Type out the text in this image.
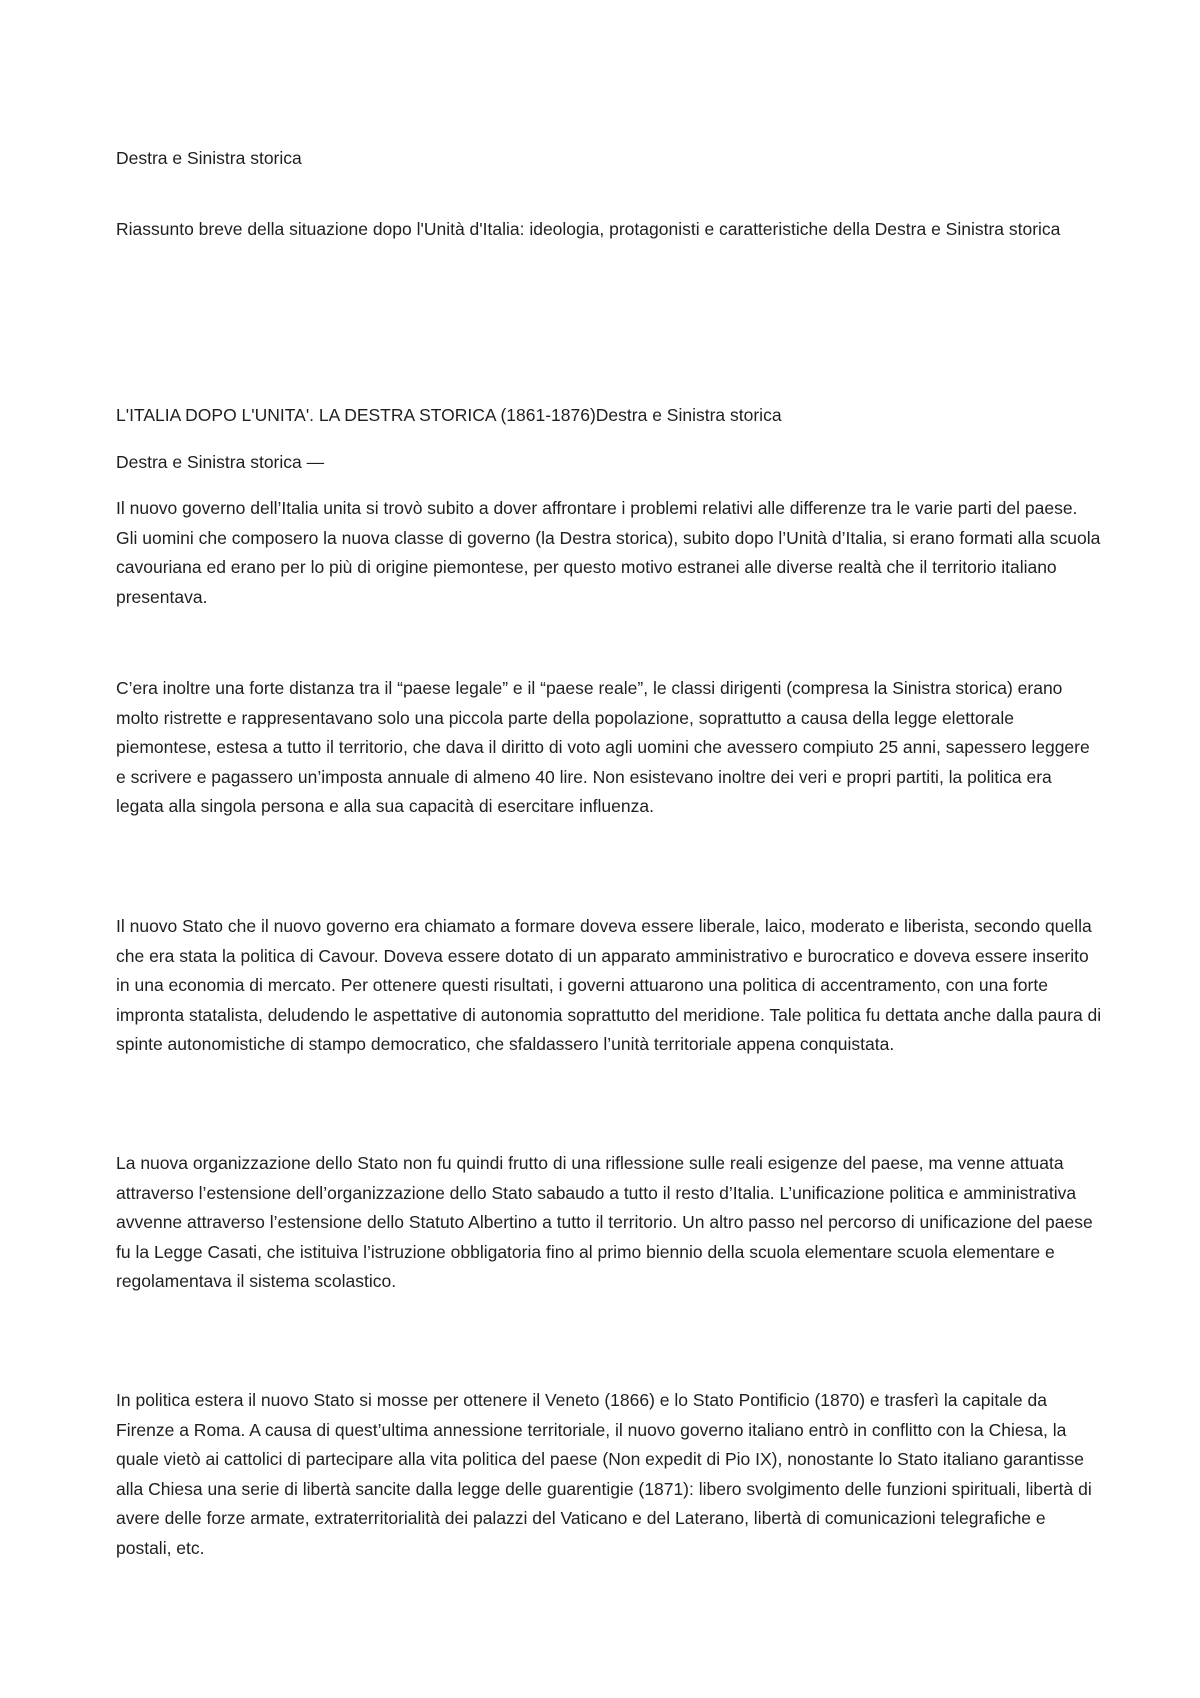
Destra e Sinistra storica

Riassunto breve della situazione dopo l'Unità d'Italia: ideologia, protagonisti e caratteristiche della Destra e Sinistra storica

L'ITALIA DOPO L'UNITA'. LA DESTRA STORICA (1861-1876)Destra e Sinistra storica

Destra e Sinistra storica —

Il nuovo governo dell’Italia unita si trovò subito a dover affrontare i problemi relativi alle differenze tra le varie parti del paese. Gli uomini che composero la nuova classe di governo (la Destra storica), subito dopo l’Unità d’Italia, si erano formati alla scuola cavouriana ed erano per lo più di origine piemontese, per questo motivo estranei alle diverse realtà che il territorio italiano presentava.

C’era inoltre una forte distanza tra il “paese legale” e il “paese reale”, le classi dirigenti (compresa la Sinistra storica) erano molto ristrette e rappresentavano solo una piccola parte della popolazione, soprattutto a causa della legge elettorale piemontese, estesa a tutto il territorio, che dava il diritto di voto agli uomini che avessero compiuto 25 anni, sapessero leggere e scrivere e pagassero un’imposta annuale di almeno 40 lire. Non esistevano inoltre dei veri e propri partiti, la politica era legata alla singola persona e alla sua capacità di esercitare influenza.

Il nuovo Stato che il nuovo governo era chiamato a formare doveva essere liberale, laico, moderato e liberista, secondo quella che era stata la politica di Cavour. Doveva essere dotato di un apparato amministrativo e burocratico e doveva essere inserito in una economia di mercato. Per ottenere questi risultati, i governi attuarono una politica di accentramento, con una forte impronta statalista, deludendo le aspettative di autonomia soprattutto del meridione. Tale politica fu dettata anche dalla paura di spinte autonomistiche di stampo democratico, che sfaldassero l’unità territoriale appena conquistata.

La nuova organizzazione dello Stato non fu quindi frutto di una riflessione sulle reali esigenze del paese, ma venne attuata attraverso l’estensione dell’organizzazione dello Stato sabaudo a tutto il resto d’Italia. L’unificazione politica e amministrativa avvenne attraverso l’estensione dello Statuto Albertino a tutto il territorio. Un altro passo nel percorso di unificazione del paese fu la Legge Casati, che istituiva l’istruzione obbligatoria fino al primo biennio della scuola elementare scuola elementare e regolamentava il sistema scolastico.

In politica estera il nuovo Stato si mosse per ottenere il Veneto (1866) e lo Stato Pontificio (1870) e trasferì la capitale da Firenze a Roma. A causa di quest’ultima annessione territoriale, il nuovo governo italiano entrò in conflitto con la Chiesa, la quale vietò ai cattolici di partecipare alla vita politica del paese (Non expedit di Pio IX), nonostante lo Stato italiano garantisse alla Chiesa una serie di libertà sancite dalla legge delle guarentigie (1871): libero svolgimento delle funzioni spirituali, libertà di avere delle forze armate, extraterritorialità dei palazzi del Vaticano e del Laterano, libertà di comunicazioni telegrafiche e postali, etc.
